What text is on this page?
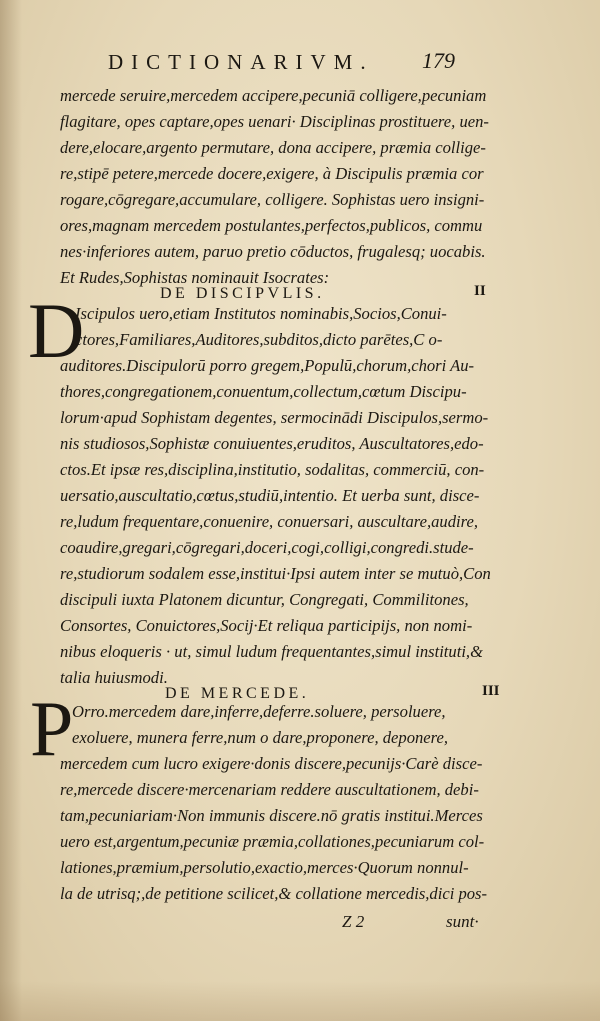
DICTIONARIVM.	179
mercede seruire,mercedem accipere,pecuniā colligere,pecuniam
flagitare, opes captare,opes uenari· Disciplinas prostituere, uen-
dere,elocare,argento permutare, dona accipere, præmia collige-
re,stipē petere,mercede docere,exigere, à Discipulis præmia cor
rogare,cōgregare,accumulare, colligere. Sophistas uero insigni-
ores,magnam mercedem postulantes,perfectos,publicos, commu
nes·inferiores autem, paruo pretio cōductos, frugalesq; uocabis.
Et Rudes,Sophistas nominauit Isocrates:
DE DISCIPVLIS.	II
D
Iscipulos uero,etiam Institutos nominabis,Socios,Conui-
ctores,Familiares,Auditores,subditos,dicto parētes,C o-
auditores.Discipulorū porro gregem,Populū,chorum,chori Au-
thores,congregationem,conuentum,collectum,cœtum Discipu-
lorum·apud Sophistam degentes, sermocinādi Discipulos,sermo-
nis studiosos,Sophistæ conuiuentes,eruditos, Auscultatores,edo-
ctos.Et ipsæ res,disciplina,institutio, sodalitas, commerciū, con-
uersatio,auscultatio,cœtus,studiū,intentio. Et uerba sunt, disce-
re,ludum frequentare,conuenire, conuersari, auscultare,audire,
coaudire,gregari,cōgregari,doceri,cogi,colligi,congredi.stude-
re,studiorum sodalem esse,institui·Ipsi autem inter se mutuò,Con
discipuli iuxta Platonem dicuntur, Congregati, Commilitones,
Consortes, Conuictores,Socij·Et reliqua participijs, non nomi-
nibus eloqueris · ut, simul ludum frequentantes,simul instituti,&
talia huiusmodi.
DE MERCEDE.	III
P
Orro.mercedem dare,inferre,deferre.soluere, persoluere,
exoluere, munera ferre,num o dare,proponere, deponere,
mercedem cum lucro exigere·donis discere,pecunijs·Carè disce-
re,mercede discere·mercenariam reddere auscultationem, debi-
tam,pecuniariam·Non immunis discere.nō gratis institui.Merces
uero est,argentum,pecuniæ præmia,collationes,pecuniarum col-
lationes,præmium,persolutio,exactio,merces·Quorum nonnul-
la de utrisq;,de petitione scilicet,& collatione mercedis,dici pos-
Z 2	sunt·
